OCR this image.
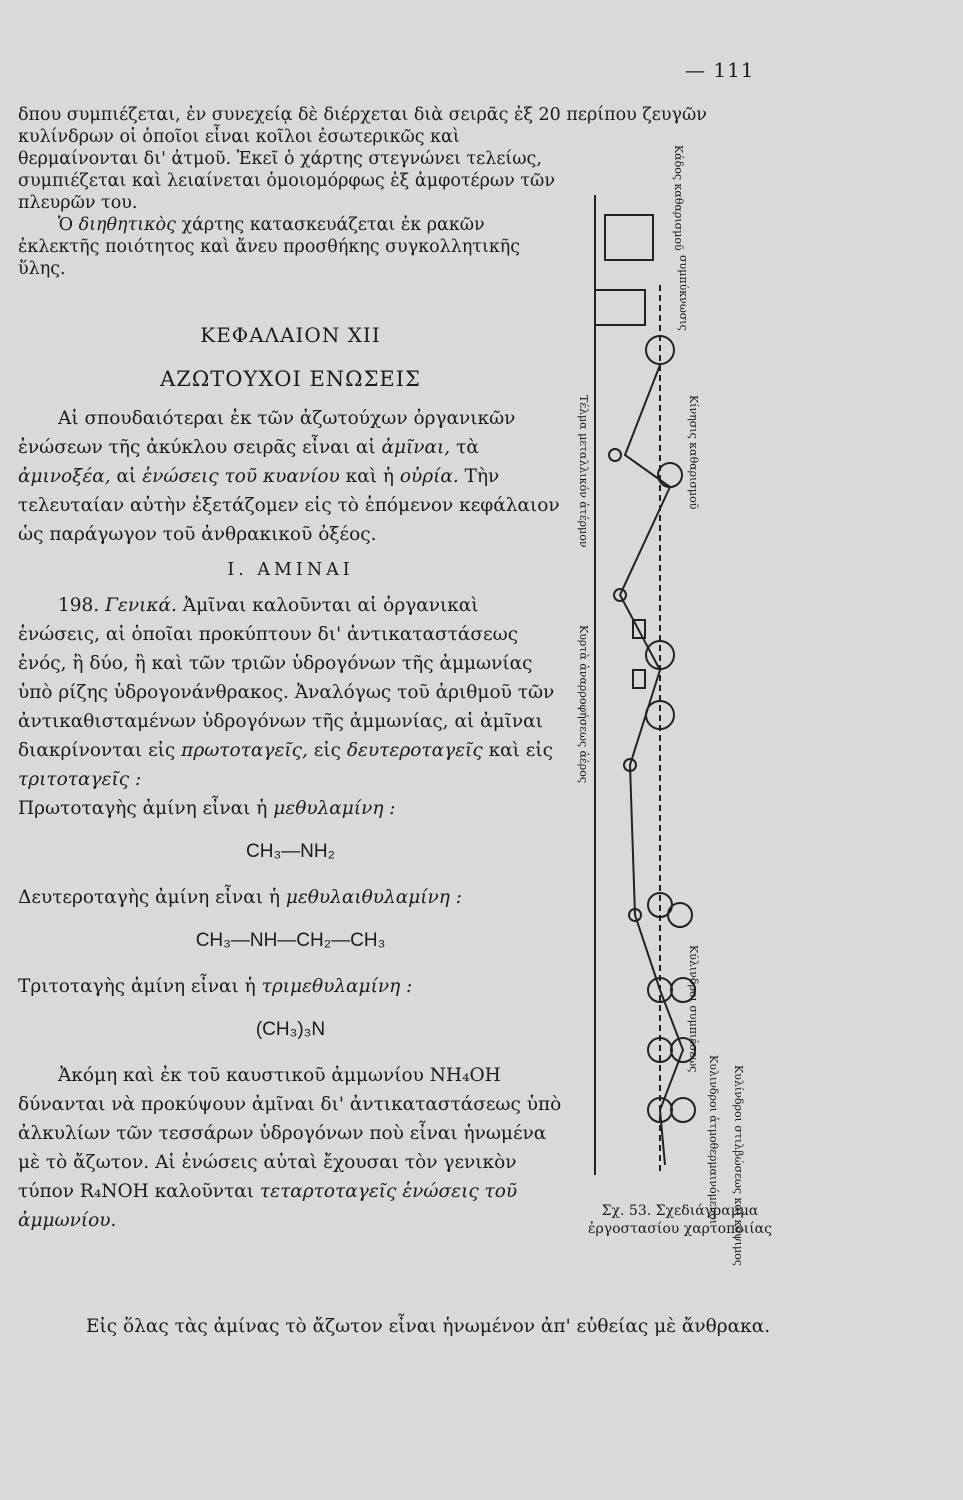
— 111

δπου συμπιέζεται, ἐν συνεχείᾳ δὲ διέρχεται διὰ σειρᾶς ἐξ 20 περίπου ζευγῶν

κυλίνδρων οἱ ὁποῖοι εἶναι κοῖλοι ἐσωτερικῶς καὶ θερμαίνονται δι' ἀτμοῦ. Ἐκεῖ ὁ χάρτης στεγνώνει τελείως, συμπιέζεται καὶ λειαίνεται ὁμοιομόρφως ἐξ ἀμφοτέρων τῶν πλευρῶν του.

Ὁ διηθητικὸς χάρτης κατασκευάζεται ἐκ ρακῶν ἐκλεκτῆς ποιότητος καὶ ἄνευ προσθήκης συγκολλητικῆς ὕλης.

ΚΕΦΑΛΑΙΟΝ XII
ΑΖΩΤΟΥΧΟΙ ΕΝΩΣΕΙΣ

Αἱ σπουδαιότεραι ἐκ τῶν ἀζωτούχων ὀργανικῶν ἑνώσεων τῆς ἀκύκλου σειρᾶς εἶναι αἱ ἀμῖναι, τὰ ἀμινοξέα, αἱ ἑνώσεις τοῦ κυανίου καὶ ἡ οὐρία. Τὴν τελευταίαν αὐτὴν ἐξετάζομεν εἰς τὸ ἑπόμενον κεφάλαιον ὡς παράγωγον τοῦ ἀνθρακικοῦ ὀξέος.

I. ΑΜΙΝΑΙ

198. Γενικά. Ἀμῖναι καλοῦνται αἱ ὀργανικαὶ ἑνώσεις, αἱ ὁποῖαι προκύπτουν δι' ἀντικαταστάσεως ἑνός, ἢ δύο, ἢ καὶ τῶν τριῶν ὑδρογόνων τῆς ἀμμωνίας ὑπὸ ρίζης ὑδρογονάνθρακος. Ἀναλόγως τοῦ ἀριθμοῦ τῶν ἀντικαθισταμένων ὑδρογόνων τῆς ἀμμωνίας, αἱ ἀμῖναι διακρίνονται εἰς πρωτοταγεῖς, εἰς δευτεροταγεῖς καὶ εἰς τριτοταγεῖς :

Πρωτοταγὴς ἀμίνη εἶναι ἡ μεθυλαμίνη :

CH₃—NH₂

Δευτεροταγὴς ἀμίνη εἶναι ἡ μεθυλαιθυλαμίνη :

CH₃—NH—CH₂—CH₃

Τριτοταγὴς ἀμίνη εἶναι ἡ τριμεθυλαμίνη :

(CH₃)₃N

Ἀκόμη καὶ ἐκ τοῦ καυστικοῦ ἀμμωνίου NH₄OH δύνανται νὰ προκύψουν ἀμῖναι δι' ἀντικαταστάσεως ὑπὸ ἀλκυλίων τῶν τεσσάρων ὑδρογόνων ποὺ εἶναι ἡνωμένα μὲ τὸ ἄζωτον. Αἱ ἑνώσεις αὐταὶ ἔχουσαι τὸν γενικὸν τύπον R₄NOH καλοῦνται τεταρτοταγεῖς ἑνώσεις τοῦ ἀμμωνίου.

Εἰς ὅλας τὰς ἀμίνας τὸ ἄζωτον εἶναι ἡνωμένον ἀπ' εὐθείας μὲ ἄνθρακα.

Κάδος καθαρισμοῦ
συμπύκνωσις
Κίνησις καθαρισμοῦ
Τέλμα μεταλλικόν ἀτέρμον
Κυρτὰ ἀναρροφήσεως ἀέρος
Κύλινδροι συμπιέσεως
Κυλινδροι ἀτμοθερμαινόμενοι Κυλίνδροι στιλβώσεως καὶ κόψιμος
Σχ. 53. Σχεδιάγραμμα ἐργοστασίου χαρτοποιίας
